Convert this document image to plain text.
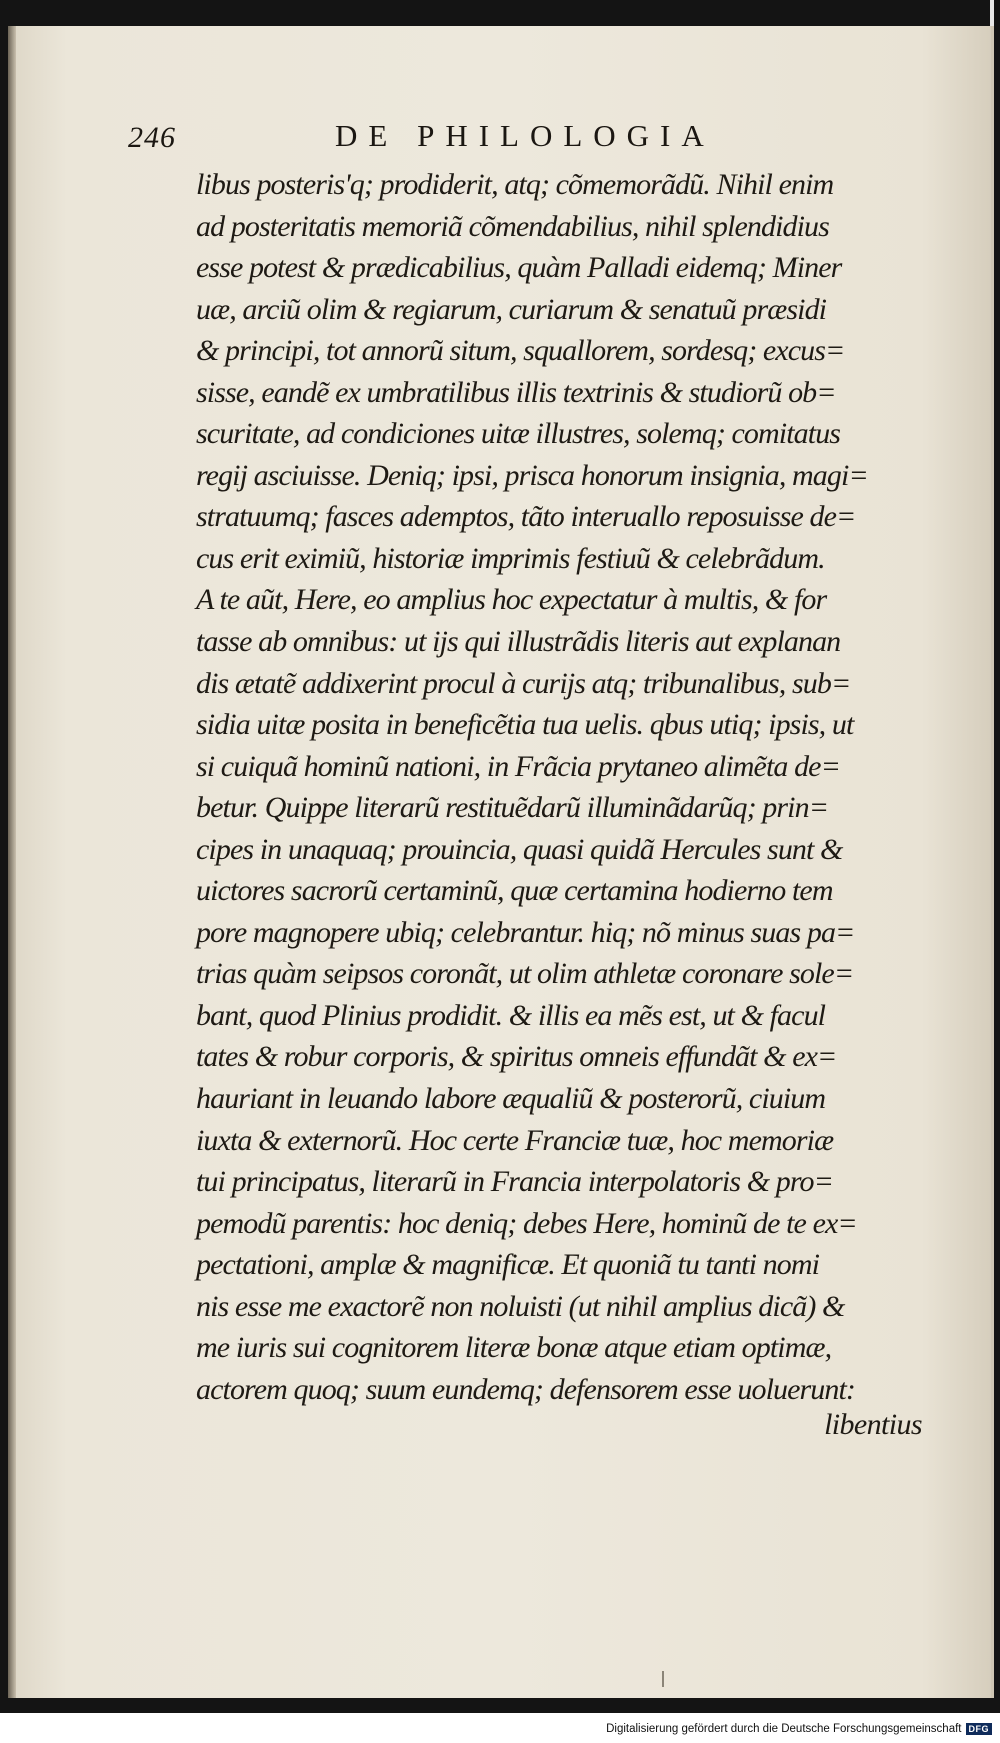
246	DE PHILOLOGIA
libus posteris'q; prodiderit, atq; cõmemorãdũ. Nihil enim
ad posteritatis memoriã cõmendabilius, nihil splendidius
esse potest & prædicabilius, quàm Palladi eidemq; Miner
uæ, arciũ olim & regiarum, curiarum & senatuũ præsidi
& principi, tot annorũ situm, squallorem, sordesq; excus=
sisse, eandẽ ex umbratilibus illis textrinis & studiorũ ob=
scuritate, ad condiciones uitæ illustres, solemq; comitatus
regij asciuisse. Deniq; ipsi, prisca honorum insignia, magi=
stratuumq; fasces ademptos, tãto interuallo reposuisse de=
cus erit eximiũ, historiæ imprimis festiuũ & celebrãdum.
A te aũt, Here, eo amplius hoc expectatur à multis, & for
tasse ab omnibus: ut ijs qui illustrãdis literis aut explanan
dis ætatẽ addixerint procul à curijs atq; tribunalibus, sub=
sidia uitæ posita in beneficẽtia tua uelis. qbus utiq; ipsis, ut
si cuiquã hominũ nationi, in Frãcia prytaneo alimẽta de=
betur. Quippe literarũ restituẽdarũ illuminãdarũq; prin=
cipes in unaquaq; prouincia, quasi quidã Hercules sunt &
uictores sacrorũ certaminũ, quæ certamina hodierno tem
pore magnopere ubiq; celebrantur. hiq; nõ minus suas pa=
trias quàm seipsos coronãt, ut olim athletæ coronare sole=
bant, quod Plinius prodidit. & illis ea mẽs est, ut & facul
tates & robur corporis, & spiritus omneis effundãt & ex=
hauriant in leuando labore æqualiũ & posterorũ, ciuium
iuxta & externorũ. Hoc certe Franciæ tuæ, hoc memoriæ
tui principatus, literarũ in Francia interpolatoris & pro=
pemodũ parentis: hoc deniq; debes Here, hominũ de te ex=
pectationi, amplæ & magnificæ. Et quoniã tu tanti nomi
nis esse me exactorẽ non noluisti (ut nihil amplius dicã) &
me iuris sui cognitorem literæ bonæ atque etiam optimæ,
actorem quoq; suum eundemq; defensorem esse uoluerunt:

libentius

Digitalisierung gefördert durch die Deutsche Forschungsgemeinschaft DFG
